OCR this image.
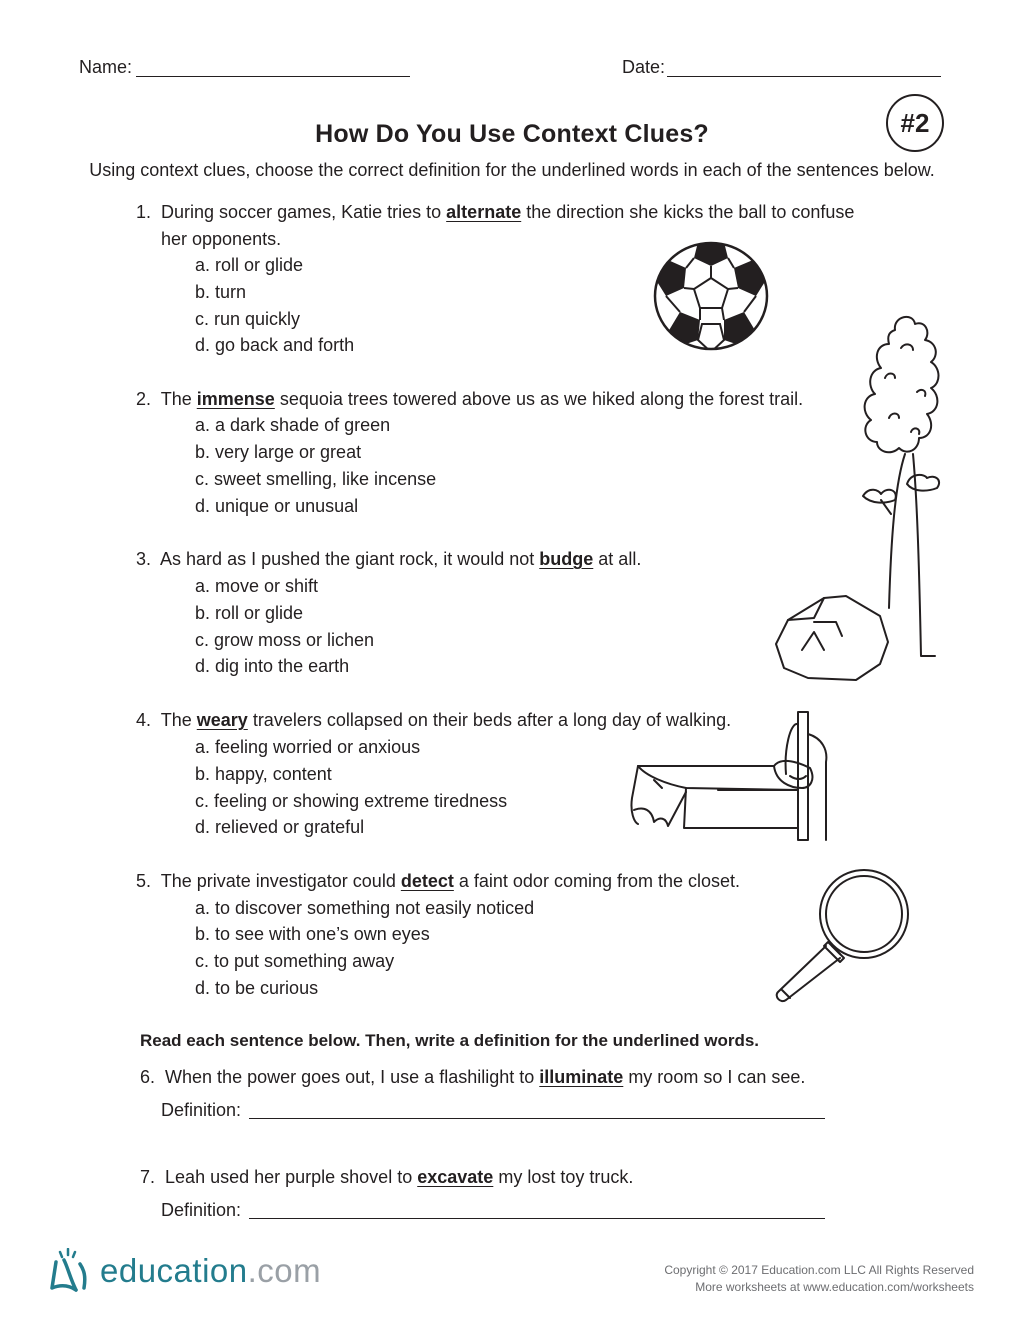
Name:	Date:
How Do You Use Context Clues?	#2
Using context clues, choose the correct definition for the underlined words in each of the sentences below.
1. During soccer games, Katie tries to alternate the direction she kicks the ball to confuse
her opponents.
a. roll or glide
b. turn
c. run quickly
d. go back and forth
2. The immense sequoia trees towered above us as we hiked along the forest trail.
a. a dark shade of green
b. very large or great
c. sweet smelling, like incense
d. unique or unusual
3. As hard as I pushed the giant rock, it would not budge at all.
a. move or shift
b. roll or glide
c. grow moss or lichen
d. dig into the earth
4. The weary travelers collapsed on their beds after a long day of walking.
a. feeling worried or anxious
b. happy, content
c. feeling or showing extreme tiredness
d. relieved or grateful
5. The private investigator could detect a faint odor coming from the closet.
a. to discover something not easily noticed
b. to see with one’s own eyes
c. to put something away
d. to be curious
Read each sentence below. Then, write a definition for the underlined words.
6. When the power goes out, I use a flashilight to illuminate my room so I can see.
Definition:
7. Leah used her purple shovel to excavate my lost toy truck.
Definition:
education.com	Copyright © 2017 Education.com LLC All Rights Reserved
More worksheets at www.education.com/worksheets
